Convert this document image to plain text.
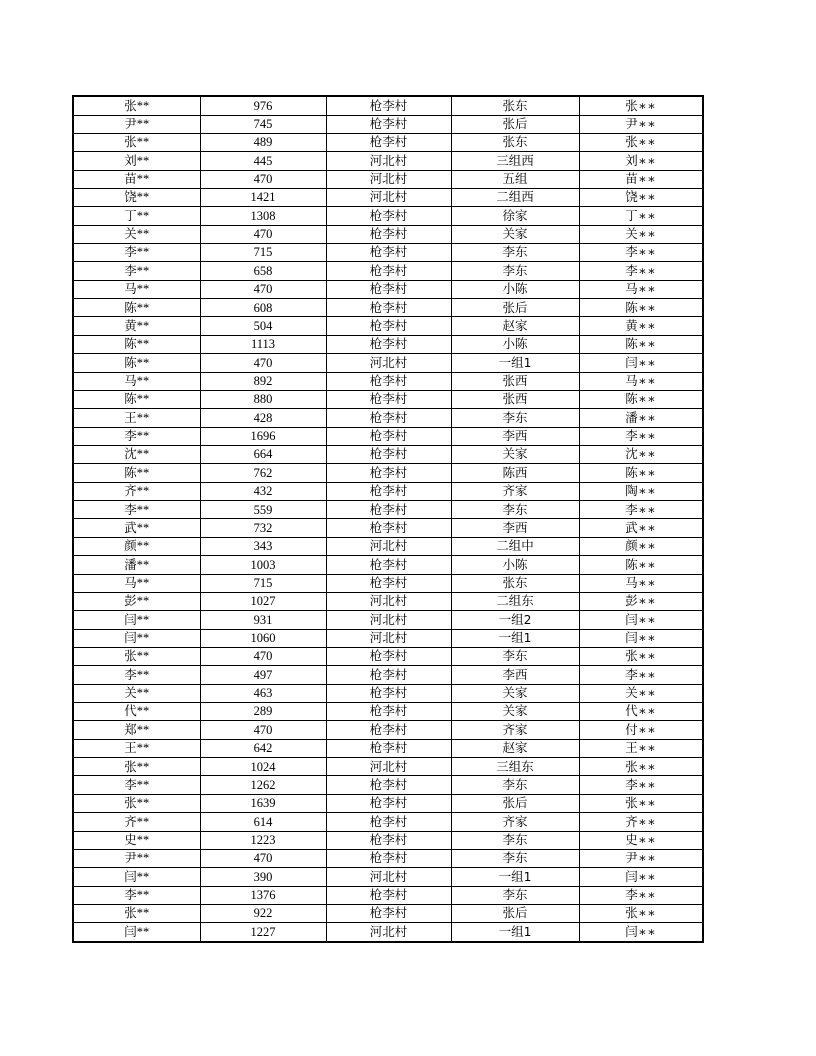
张**	976	枪李村	张东	张∗∗
尹**	745	枪李村	张后	尹∗∗
张**	489	枪李村	张东	张∗∗
刘**	445	河北村	三组西	刘∗∗
苗**	470	河北村	五组	苗∗∗
饶**	1421	河北村	二组西	饶∗∗
丁**	1308	枪李村	徐家	丁∗∗
关**	470	枪李村	关家	关∗∗
李**	715	枪李村	李东	李∗∗
李**	658	枪李村	李东	李∗∗
马**	470	枪李村	小陈	马∗∗
陈**	608	枪李村	张后	陈∗∗
黄**	504	枪李村	赵家	黄∗∗
陈**	1113	枪李村	小陈	陈∗∗
陈**	470	河北村	一组1	闫∗∗
马**	892	枪李村	张西	马∗∗
陈**	880	枪李村	张西	陈∗∗
王**	428	枪李村	李东	潘∗∗
李**	1696	枪李村	李西	李∗∗
沈**	664	枪李村	关家	沈∗∗
陈**	762	枪李村	陈西	陈∗∗
齐**	432	枪李村	齐家	陶∗∗
李**	559	枪李村	李东	李∗∗
武**	732	枪李村	李西	武∗∗
颜**	343	河北村	二组中	颜∗∗
潘**	1003	枪李村	小陈	陈∗∗
马**	715	枪李村	张东	马∗∗
彭**	1027	河北村	二组东	彭∗∗
闫**	931	河北村	一组2	闫∗∗
闫**	1060	河北村	一组1	闫∗∗
张**	470	枪李村	李东	张∗∗
李**	497	枪李村	李西	李∗∗
关**	463	枪李村	关家	关∗∗
代**	289	枪李村	关家	代∗∗
郑**	470	枪李村	齐家	付∗∗
王**	642	枪李村	赵家	王∗∗
张**	1024	河北村	三组东	张∗∗
李**	1262	枪李村	李东	李∗∗
张**	1639	枪李村	张后	张∗∗
齐**	614	枪李村	齐家	齐∗∗
史**	1223	枪李村	李东	史∗∗
尹**	470	枪李村	李东	尹∗∗
闫**	390	河北村	一组1	闫∗∗
李**	1376	枪李村	李东	李∗∗
张**	922	枪李村	张后	张∗∗
闫**	1227	河北村	一组1	闫∗∗
